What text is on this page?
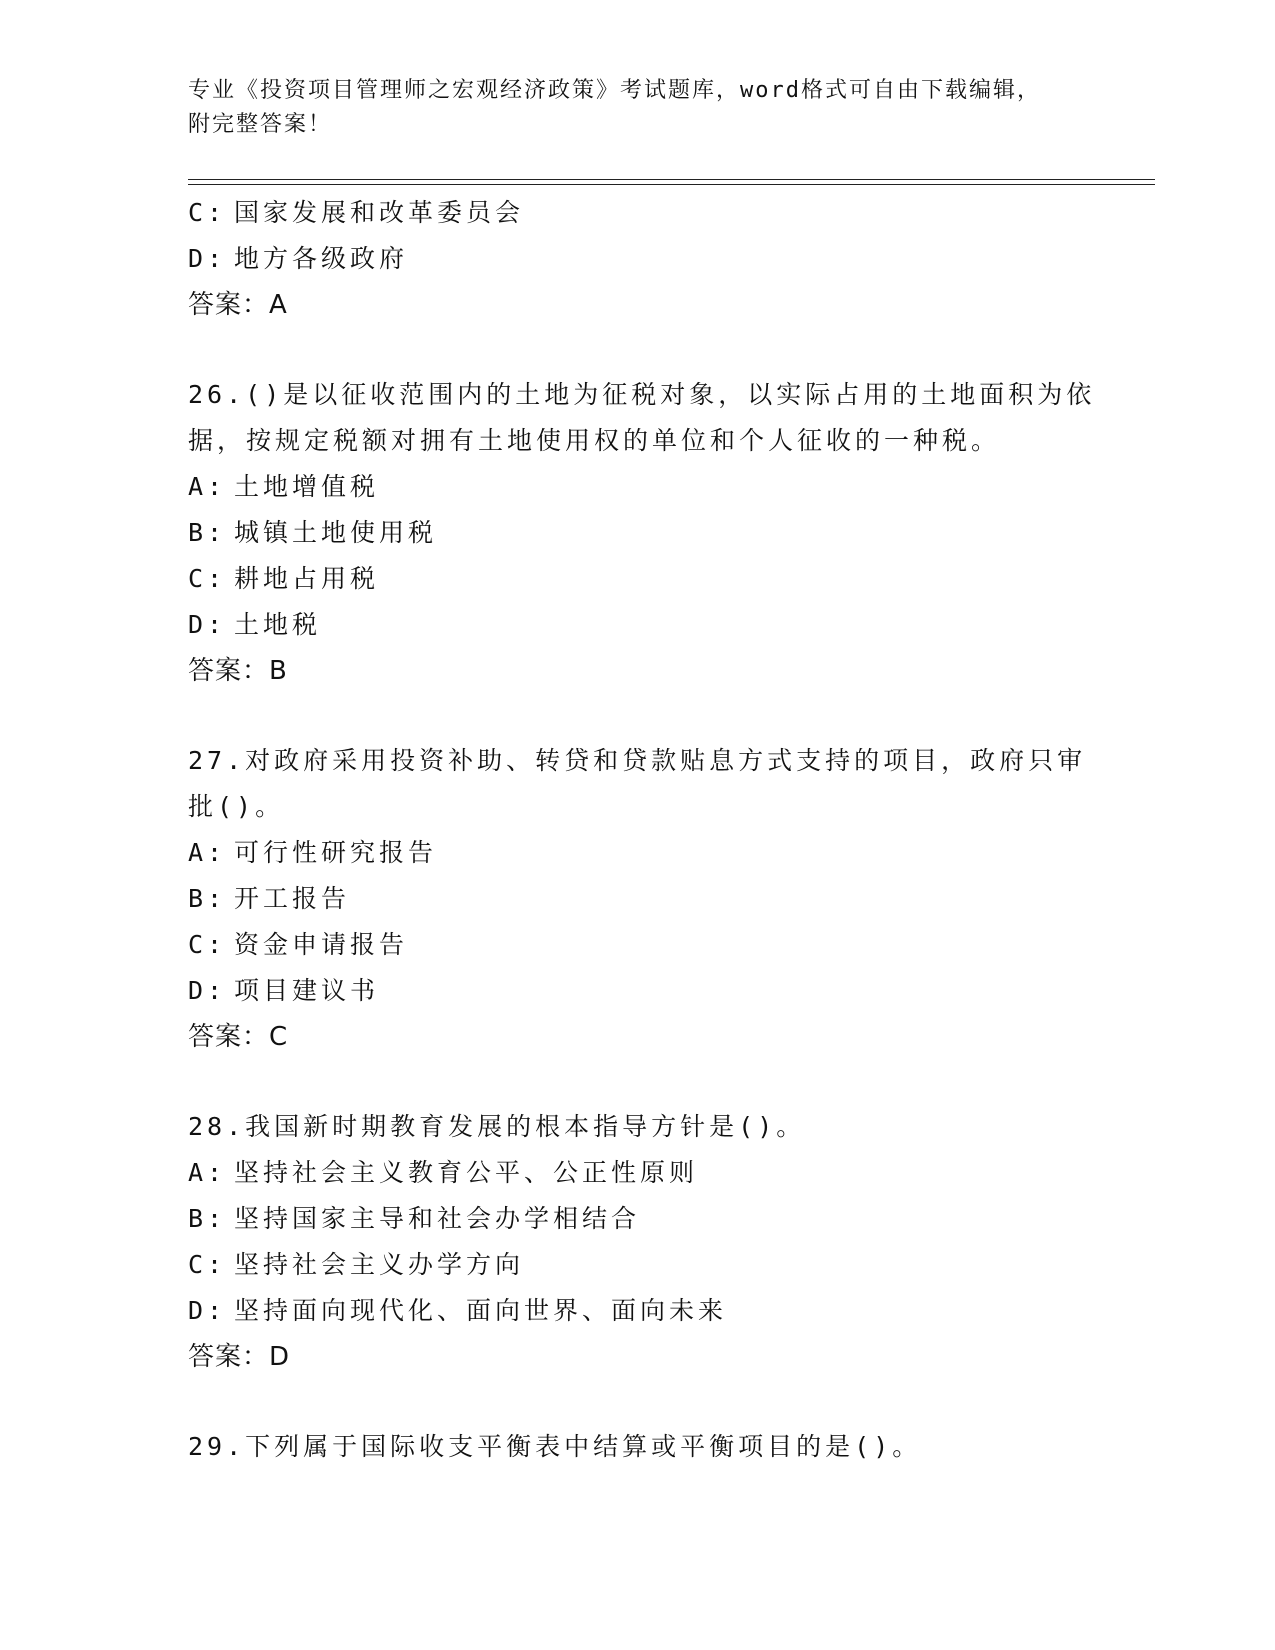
专业《投资项目管理师之宏观经济政策》考试题库，word格式可自由下载编辑，
附完整答案！
C: 国家发展和改革委员会
D: 地方各级政府
答案：A
26.()是以征收范围内的土地为征税对象，以实际占用的土地面积为依
据，按规定税额对拥有土地使用权的单位和个人征收的一种税。
A: 土地增值税
B: 城镇土地使用税
C: 耕地占用税
D: 土地税
答案：B
27.对政府采用投资补助、转贷和贷款贴息方式支持的项目，政府只审
批()。
A: 可行性研究报告
B: 开工报告
C: 资金申请报告
D: 项目建议书
答案：C
28.我国新时期教育发展的根本指导方针是()。
A: 坚持社会主义教育公平、公正性原则
B: 坚持国家主导和社会办学相结合
C: 坚持社会主义办学方向
D: 坚持面向现代化、面向世界、面向未来
答案：D
29.下列属于国际收支平衡表中结算或平衡项目的是()。
